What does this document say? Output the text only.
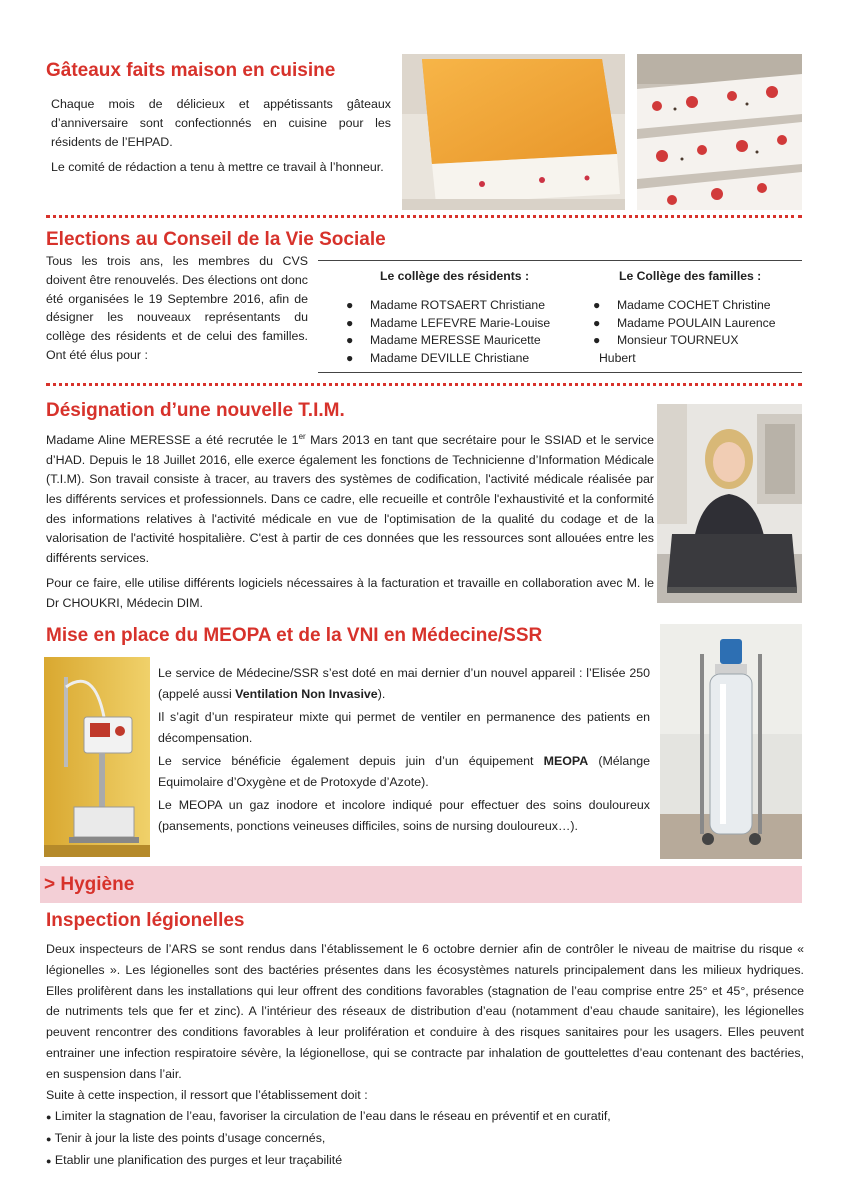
Gâteaux faits maison en cuisine

Chaque mois de délicieux et appétissants gâteaux d’anniversaire sont confectionnés en cuisine pour les résidents de l’EHPAD.

Le comité de rédaction a tenu à mettre ce travail à l’honneur.

Elections au Conseil de la Vie Sociale
Tous les trois ans, les membres du CVS doivent être renouvelés. Des élections ont donc été organisées le 19 Septembre 2016, afin de désigner les nouveaux représentants du collège des résidents et de celui des familles. Ont été élus pour :
Le collège des résidents :	Le Collège des familles :
● Madame ROTSAERT Christiane
● Madame LEFEVRE Marie-Louise
● Madame MERESSE Mauricette
● Madame DEVILLE Christiane
● Madame COCHET Christine
● Madame POULAIN Laurence
● Monsieur TOURNEUX
Hubert
Désignation d’une nouvelle T.I.M.

Madame Aline MERESSE a été recrutée le 1er Mars 2013 en tant que secrétaire pour le SSIAD et le service d’HAD. Depuis le 18 Juillet 2016, elle exerce également les fonctions de Technicienne d’Information Médicale (T.I.M). Son travail consiste à tracer, au travers des systèmes de codification, l'activité médicale réalisée par les différents services et professionnels. Dans ce cadre, elle recueille et contrôle l'exhaustivité et la conformité des informations relatives à l'activité médicale en vue de l'optimisation de la qualité du codage et de la valorisation de l'activité hospitalière. C'est à partir de ces données que les ressources sont allouées entre les différents services.

Pour ce faire, elle utilise différents logiciels nécessaires à la facturation et travaille en collaboration avec M. le Dr CHOUKRI, Médecin DIM.

Mise en place du MEOPA et de la VNI en Médecine/SSR

Le service de Médecine/SSR s’est doté en mai dernier d’un nouvel appareil : l’Elisée 250 (appelé aussi Ventilation Non Invasive).

Il s’agit d’un respirateur mixte qui permet de ventiler en permanence des patients en décompensation.

Le service bénéficie également depuis juin d’un équipement MEOPA (Mélange Equimolaire d’Oxygène et de Protoxyde d’Azote).

Le MEOPA un gaz inodore et incolore indiqué pour effectuer des soins douloureux (pansements, ponctions veineuses difficiles, soins de nursing douloureux…).

> Hygiène
Inspection légionelles

Deux inspecteurs de l’ARS se sont rendus dans l’établissement le 6 octobre dernier afin de contrôler le niveau de maitrise du risque « légionelles ». Les légionelles sont des bactéries présentes dans les écosystèmes naturels principalement dans les milieux hydriques. Elles prolifèrent dans les installations qui leur offrent des conditions favorables (stagnation de l’eau comprise entre 25° et 45°, présence de nutriments tels que fer et zinc). A l’intérieur des réseaux de distribution d’eau (notamment d’eau chaude sanitaire), les légionelles peuvent rencontrer des conditions favorables à leur prolifération et conduire à des risques sanitaires pour les usagers. Elles peuvent entrainer une infection respiratoire sévère, la légionellose, qui se contracte par inhalation de gouttelettes d’eau contenant des bactéries, en suspension dans l’air.

Suite à cette inspection, il ressort que l’établissement doit :

● Limiter la stagnation de l’eau, favoriser la circulation de l’eau dans le réseau en préventif et en curatif,
● Tenir à jour la liste des points d’usage concernés,
● Etablir une planification des purges et leur traçabilité
